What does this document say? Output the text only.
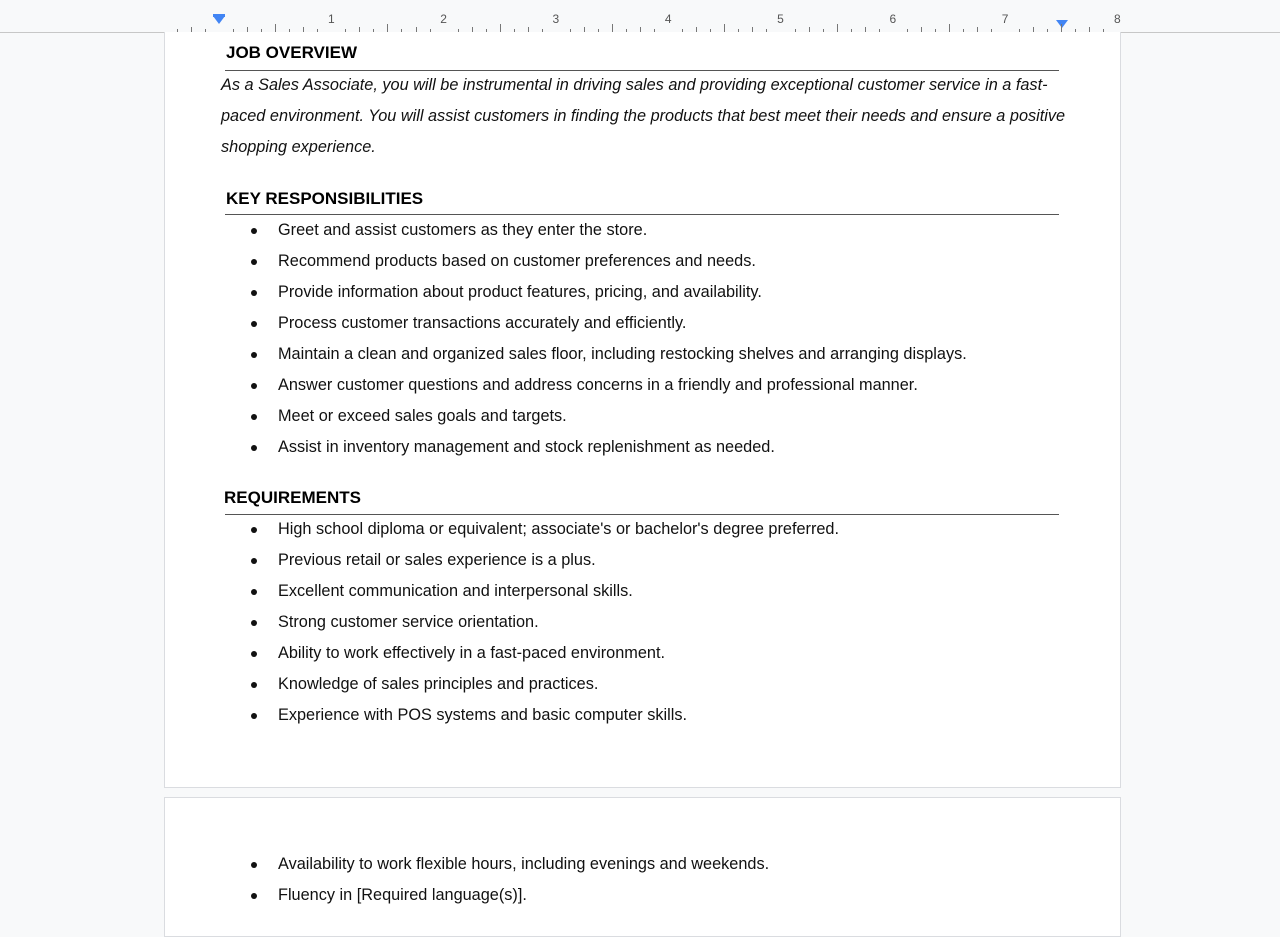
1	2	3	4	5	6	7	8
JOB OVERVIEW
As a Sales Associate, you will be instrumental in driving sales and providing exceptional customer service in a fast-paced environment. You will assist customers in finding the products that best meet their needs and ensure a positive shopping experience.
KEY RESPONSIBILITIES
Greet and assist customers as they enter the store.
Recommend products based on customer preferences and needs.
Provide information about product features, pricing, and availability.
Process customer transactions accurately and efficiently.
Maintain a clean and organized sales floor, including restocking shelves and arranging displays.
Answer customer questions and address concerns in a friendly and professional manner.
Meet or exceed sales goals and targets.
Assist in inventory management and stock replenishment as needed.
REQUIREMENTS
High school diploma or equivalent; associate's or bachelor's degree preferred.
Previous retail or sales experience is a plus.
Excellent communication and interpersonal skills.
Strong customer service orientation.
Ability to work effectively in a fast-paced environment.
Knowledge of sales principles and practices.
Experience with POS systems and basic computer skills.
Availability to work flexible hours, including evenings and weekends.
Fluency in [Required language(s)].
